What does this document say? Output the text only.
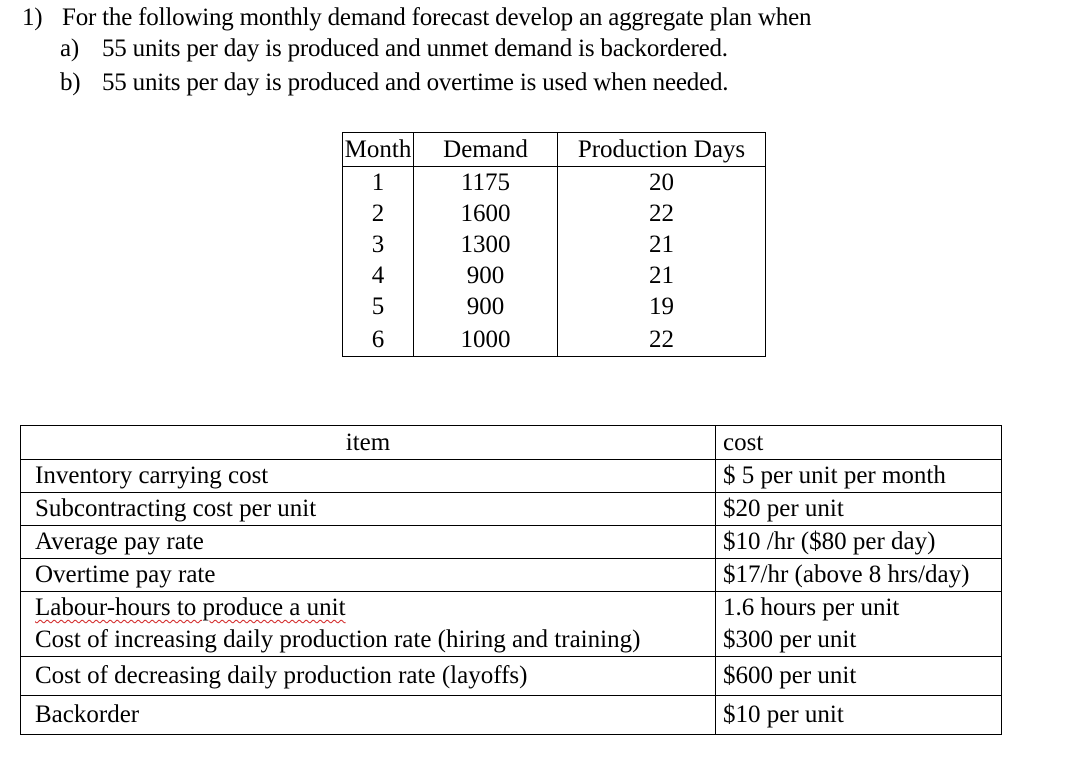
1) For the following monthly demand forecast develop an aggregate plan when
a) 55 units per day is produced and unmet demand is backordered.
b) 55 units per day is produced and overtime is used when needed.
Month	Demand	Production Days
1	1175	20
2	1600	22
3	1300	21
4	900	21
5	900	19
6	1000	22
item	cost
Inventory carrying cost	$ 5 per unit per month
Subcontracting cost per unit	$20 per unit
Average pay rate	$10 /hr ($80 per day)
Overtime pay rate	$17/hr (above 8 hrs/day)
Labour-hours to produce a unit	1.6 hours per unit
Cost of increasing daily production rate (hiring and training)	$300 per unit
Cost of decreasing daily production rate (layoffs)	$600 per unit
Backorder	$10 per unit
